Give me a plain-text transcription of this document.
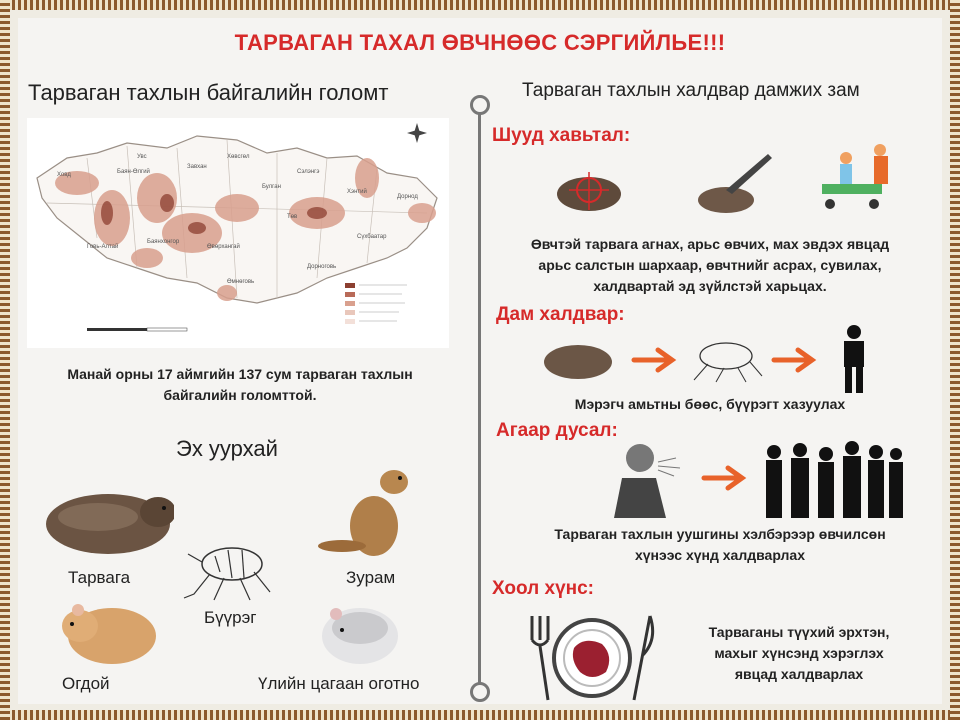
ТАРВАГАН ТАХАЛ ӨВЧНӨӨС СЭРГИЙЛЬЕ!!!
Тарваган тахлын байгалийн голомт	Тарваган тахлын халдвар дамжих зам
Ховд	Баян-Өлгий
Увс
Завхан
Хөвсгөл
Булган
Сэлэнгэ
Төв
Хэнтий
Дорнод
Сүхбаатар
Дорноговь
Өмнөговь
Өвөрхангай
Говь-Алтай
Баянхонгор
Манай орны 17 аймгийн 137 сум тарваган тахлын
байгалийн голомттой.
Эх уурхай
Тарвага	Зурам
Бүүрэг
Огдой	Үлийн цагаан оготно
Шууд хавьтал:
Өвчтэй тарвага агнах, арьс өвчих, мах эвдэх явцад
арьс салстын шархаар, өвчтнийг асрах, сувилах,
халдвартай эд зүйлстэй харьцах.
Дам халдвар:
Мэрэгч амьтны бөөс, бүүрэгт хазуулах
Агаар дусал:
Тарваган тахлын уушгины хэлбэрээр өвчилсөн
хүнээс хүнд халдварлах
Хоол хүнс:
Тарваганы түүхий эрхтэн,
махыг хүнсэнд хэрэглэх
явцад халдварлах
